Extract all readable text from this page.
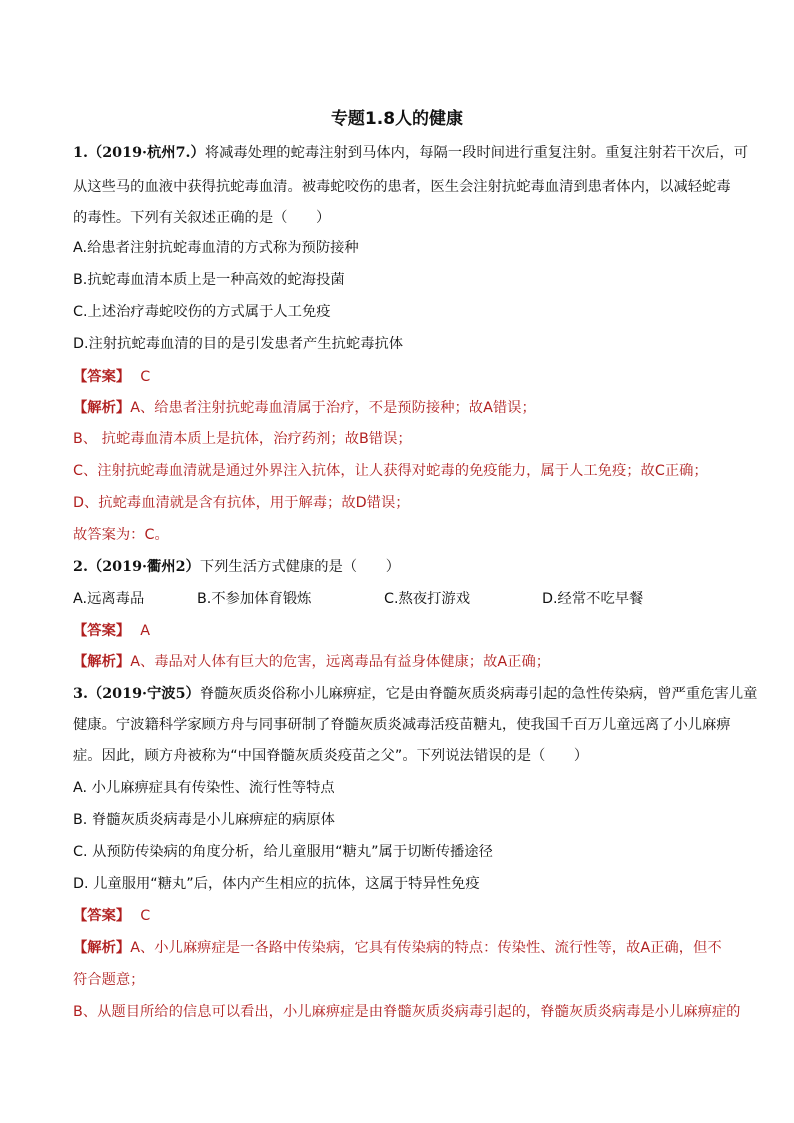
专题1.8人的健康
1.（2019·杭州7.）将减毒处理的蛇毒注射到马体内，每隔一段时间进行重复注射。重复注射若干次后，可
从这些马的血液中获得抗蛇毒血清。被毒蛇咬伤的患者，医生会注射抗蛇毒血清到患者体内，以减轻蛇毒
的毒性。下列有关叙述正确的是（　　）
A.给患者注射抗蛇毒血清的方式称为预防接种
B.抗蛇毒血清本质上是一种高效的蛇海投菌
C.上述治疗毒蛇咬伤的方式属于人工免疫
D.注射抗蛇毒血清的目的是引发患者产生抗蛇毒抗体
【答案】 C
【解析】A、给患者注射抗蛇毒血清属于治疗，不是预防接种；故A错误；
B、 抗蛇毒血清本质上是抗体，治疗药剂；故B错误；
C、注射抗蛇毒血清就是通过外界注入抗体，让人获得对蛇毒的免疫能力，属于人工免疫；故C正确；
D、抗蛇毒血清就是含有抗体，用于解毒；故D错误；
故答案为：C。
2.（2019·衢州2）下列生活方式健康的是（　　）
A.远离毒品	B.不参加体育锻炼	C.熬夜打游戏	D.经常不吃早餐
【答案】 A
【解析】A、毒品对人体有巨大的危害，远离毒品有益身体健康；故A正确；
3.（2019·宁波5）脊髓灰质炎俗称小儿麻痹症，它是由脊髓灰质炎病毒引起的急性传染病，曾严重危害儿童
健康。宁波籍科学家顾方舟与同事研制了脊髓灰质炎减毒活疫苗糖丸，使我国千百万儿童远离了小儿麻痹
症。因此，顾方舟被称为“中国脊髓灰质炎疫苗之父”。下列说法错误的是（　　）
A. 小儿麻痹症具有传染性、流行性等特点
B. 脊髓灰质炎病毒是小儿麻痹症的病原体
C. 从预防传染病的角度分析，给儿童服用“糖丸”属于切断传播途径
D. 儿童服用“糖丸”后，体内产生相应的抗体，这属于特异性免疫
【答案】 C
【解析】A、小儿麻痹症是一各路中传染病，它具有传染病的特点：传染性、流行性等，故A正确，但不
符合题意；
B、从题目所给的信息可以看出，小儿麻痹症是由脊髓灰质炎病毒引起的，脊髓灰质炎病毒是小儿麻痹症的
